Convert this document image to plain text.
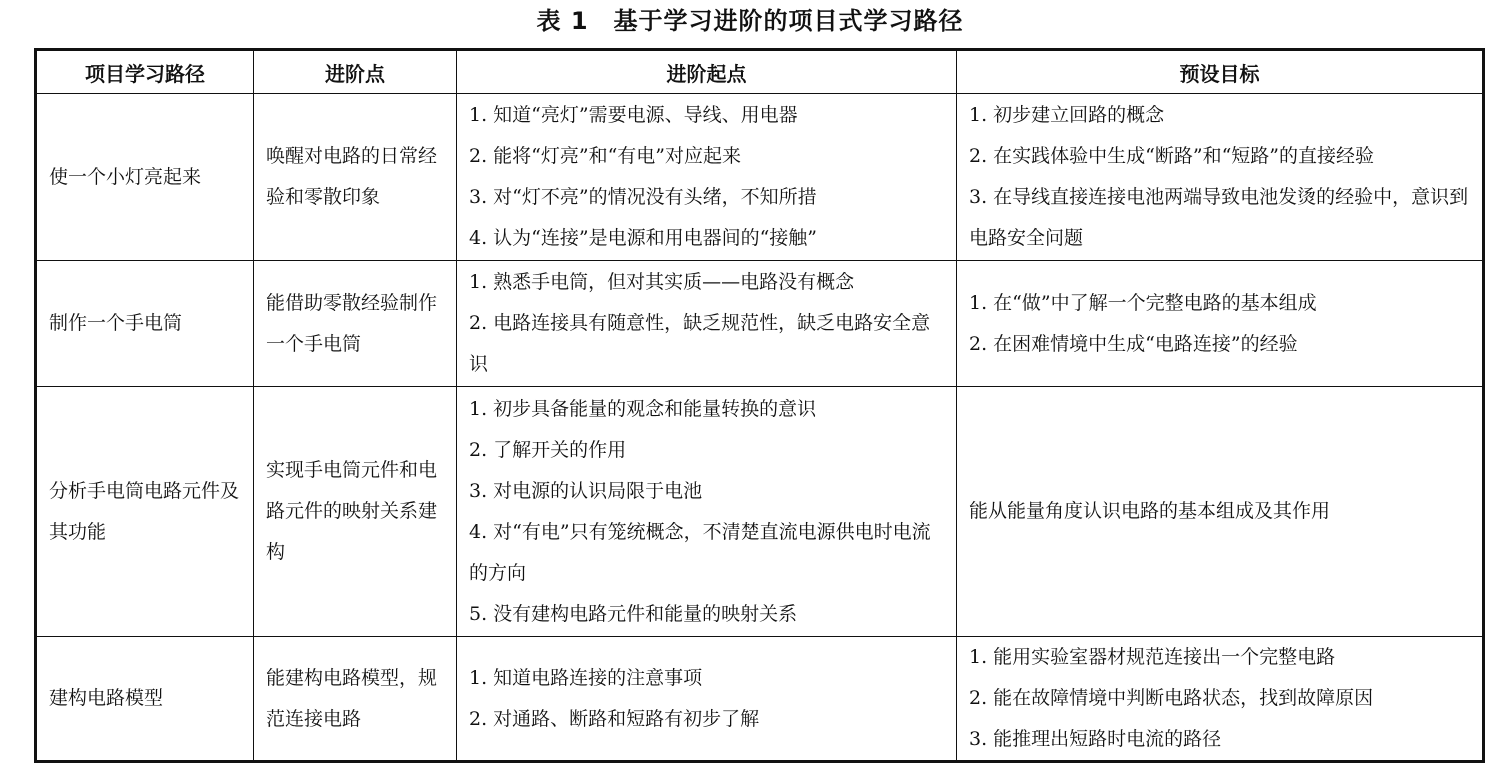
表 1　基于学习进阶的项目式学习路径
项目学习路径	进阶点	进阶起点	预设目标

使一个小灯亮起来	唤醒对电路的日常经验和零散印象	1. 知道“亮灯”需要电源、导线、用电器
2. 能将“灯亮”和“有电”对应起来
3. 对“灯不亮”的情况没有头绪，不知所措
4. 认为“连接”是电源和用电器间的“接触”	1. 初步建立回路的概念
2. 在实践体验中生成“断路”和“短路”的直接经验
3. 在导线直接连接电池两端导致电池发烫的经验中，意识到电路安全问题

制作一个手电筒	能借助零散经验制作一个手电筒	1. 熟悉手电筒，但对其实质——电路没有概念
2. 电路连接具有随意性，缺乏规范性，缺乏电路安全意识	1. 在“做”中了解一个完整电路的基本组成
2. 在困难情境中生成“电路连接”的经验

分析手电筒电路元件及其功能	实现手电筒元件和电路元件的映射关系建构	1. 初步具备能量的观念和能量转换的意识
2. 了解开关的作用
3. 对电源的认识局限于电池
4. 对“有电”只有笼统概念，不清楚直流电源供电时电流的方向
5. 没有建构电路元件和能量的映射关系	能从能量角度认识电路的基本组成及其作用

建构电路模型	能建构电路模型，规范连接电路	1. 知道电路连接的注意事项
2. 对通路、断路和短路有初步了解	1. 能用实验室器材规范连接出一个完整电路
2. 能在故障情境中判断电路状态，找到故障原因
3. 能推理出短路时电流的路径
